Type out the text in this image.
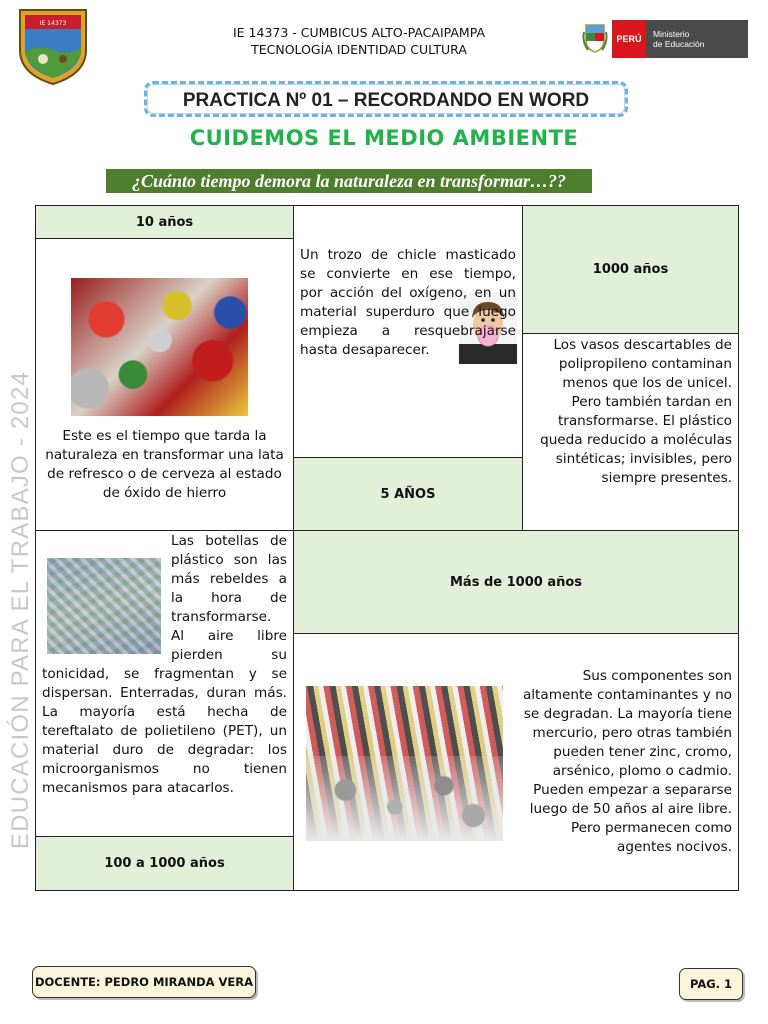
IE 14373
IE 14373 - CUMBICUS ALTO-PACAIPAMPA
TECNOLOGÍA IDENTIDAD CULTURA
PERÚ	Ministerio
de Educación
PRACTICA Nº 01 – RECORDANDO EN WORD
CUIDEMOS EL MEDIO AMBIENTE
¿Cuánto tiempo demora la naturaleza en transformar…??
EDUCACIÓN PARA EL TRABAJO - 2024
10 años
Este es el tiempo que tarda la naturaleza en transformar una lata de refresco o de cerveza al estado de óxido de hierro
Un trozo de chicle masticado se convierte en ese tiempo, por acción del oxígeno, en un material superduro que luego empieza a resquebrajarse hasta desaparecer.
5 AÑOS
1000 años
Los vasos descartables de polipropileno contaminan menos que los de unicel. Pero también tardan en transformarse. El plástico queda reducido a moléculas sintéticas; invisibles, pero siempre presentes.
Las botellas de plástico son las más rebeldes a la hora de transformarse. Al aire libre pierden su tonicidad, se fragmentan y se dispersan. Enterradas, duran más. La mayoría está hecha de tereftalato de polietileno (PET), un material duro de degradar: los microorganismos no tienen mecanismos para atacarlos.
100 a 1000 años
Más de 1000 años
Sus componentes son altamente contaminantes y no se degradan. La mayoría tiene mercurio, pero otras también pueden tener zinc, cromo, arsénico, plomo o cadmio. Pueden empezar a separarse luego de 50 años al aire libre. Pero permanecen como agentes nocivos.
DOCENTE: PEDRO MIRANDA VERA	PAG. 1
